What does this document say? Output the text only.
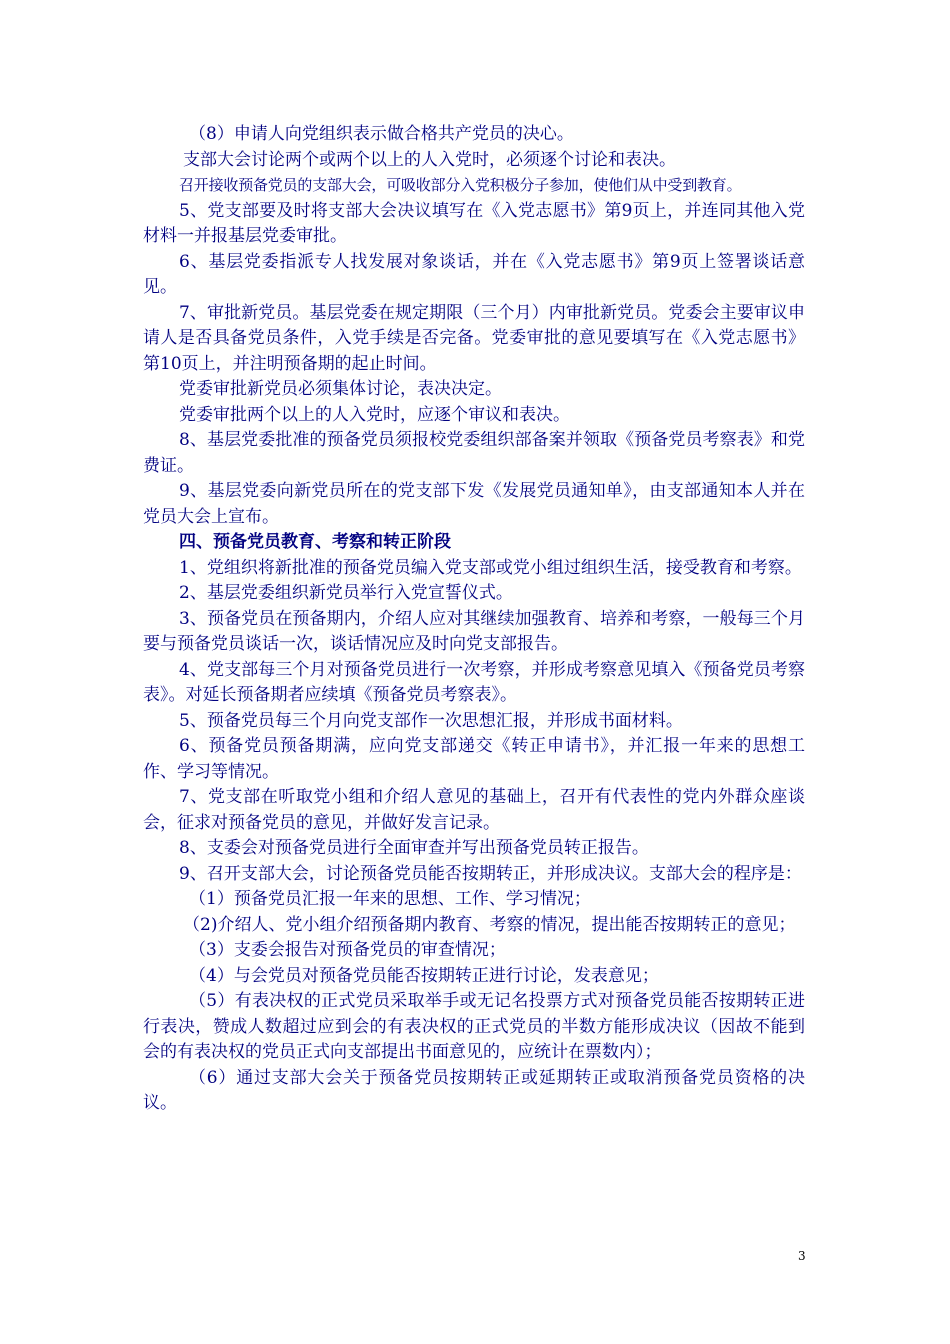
（8）申请人向党组织表示做合格共产党员的决心。

支部大会讨论两个或两个以上的人入党时，必须逐个讨论和表决。

召开接收预备党员的支部大会，可吸收部分入党积极分子参加，使他们从中受到教育。

5、党支部要及时将支部大会决议填写在《入党志愿书》第9页上，并连同其他入党材料一并报基层党委审批。

6、基层党委指派专人找发展对象谈话，并在《入党志愿书》第9页上签署谈话意见。

7、审批新党员。基层党委在规定期限（三个月）内审批新党员。党委会主要审议申请人是否具备党员条件，入党手续是否完备。党委审批的意见要填写在《入党志愿书》第10页上，并注明预备期的起止时间。

党委审批新党员必须集体讨论，表决决定。

党委审批两个以上的人入党时，应逐个审议和表决。

8、基层党委批准的预备党员须报校党委组织部备案并领取《预备党员考察表》和党费证。

9、基层党委向新党员所在的党支部下发《发展党员通知单》，由支部通知本人并在党员大会上宣布。

四、预备党员教育、考察和转正阶段

1、党组织将新批准的预备党员编入党支部或党小组过组织生活，接受教育和考察。

2、基层党委组织新党员举行入党宣誓仪式。

3、预备党员在预备期内，介绍人应对其继续加强教育、培养和考察，一般每三个月要与预备党员谈话一次，谈话情况应及时向党支部报告。

4、党支部每三个月对预备党员进行一次考察，并形成考察意见填入《预备党员考察表》。对延长预备期者应续填《预备党员考察表》。

5、预备党员每三个月向党支部作一次思想汇报，并形成书面材料。

6、预备党员预备期满，应向党支部递交《转正申请书》，并汇报一年来的思想工作、学习等情况。

7、党支部在听取党小组和介绍人意见的基础上，召开有代表性的党内外群众座谈会，征求对预备党员的意见，并做好发言记录。

8、支委会对预备党员进行全面审查并写出预备党员转正报告。

9、召开支部大会，讨论预备党员能否按期转正，并形成决议。支部大会的程序是：

（1）预备党员汇报一年来的思想、工作、学习情况；

（2)介绍人、党小组介绍预备期内教育、考察的情况，提出能否按期转正的意见；

（3）支委会报告对预备党员的审查情况；

（4）与会党员对预备党员能否按期转正进行讨论，发表意见；

（5）有表决权的正式党员采取举手或无记名投票方式对预备党员能否按期转正进行表决，赞成人数超过应到会的有表决权的正式党员的半数方能形成决议（因故不能到会的有表决权的党员正式向支部提出书面意见的，应统计在票数内）；

（6）通过支部大会关于预备党员按期转正或延期转正或取消预备党员资格的决议。

3
